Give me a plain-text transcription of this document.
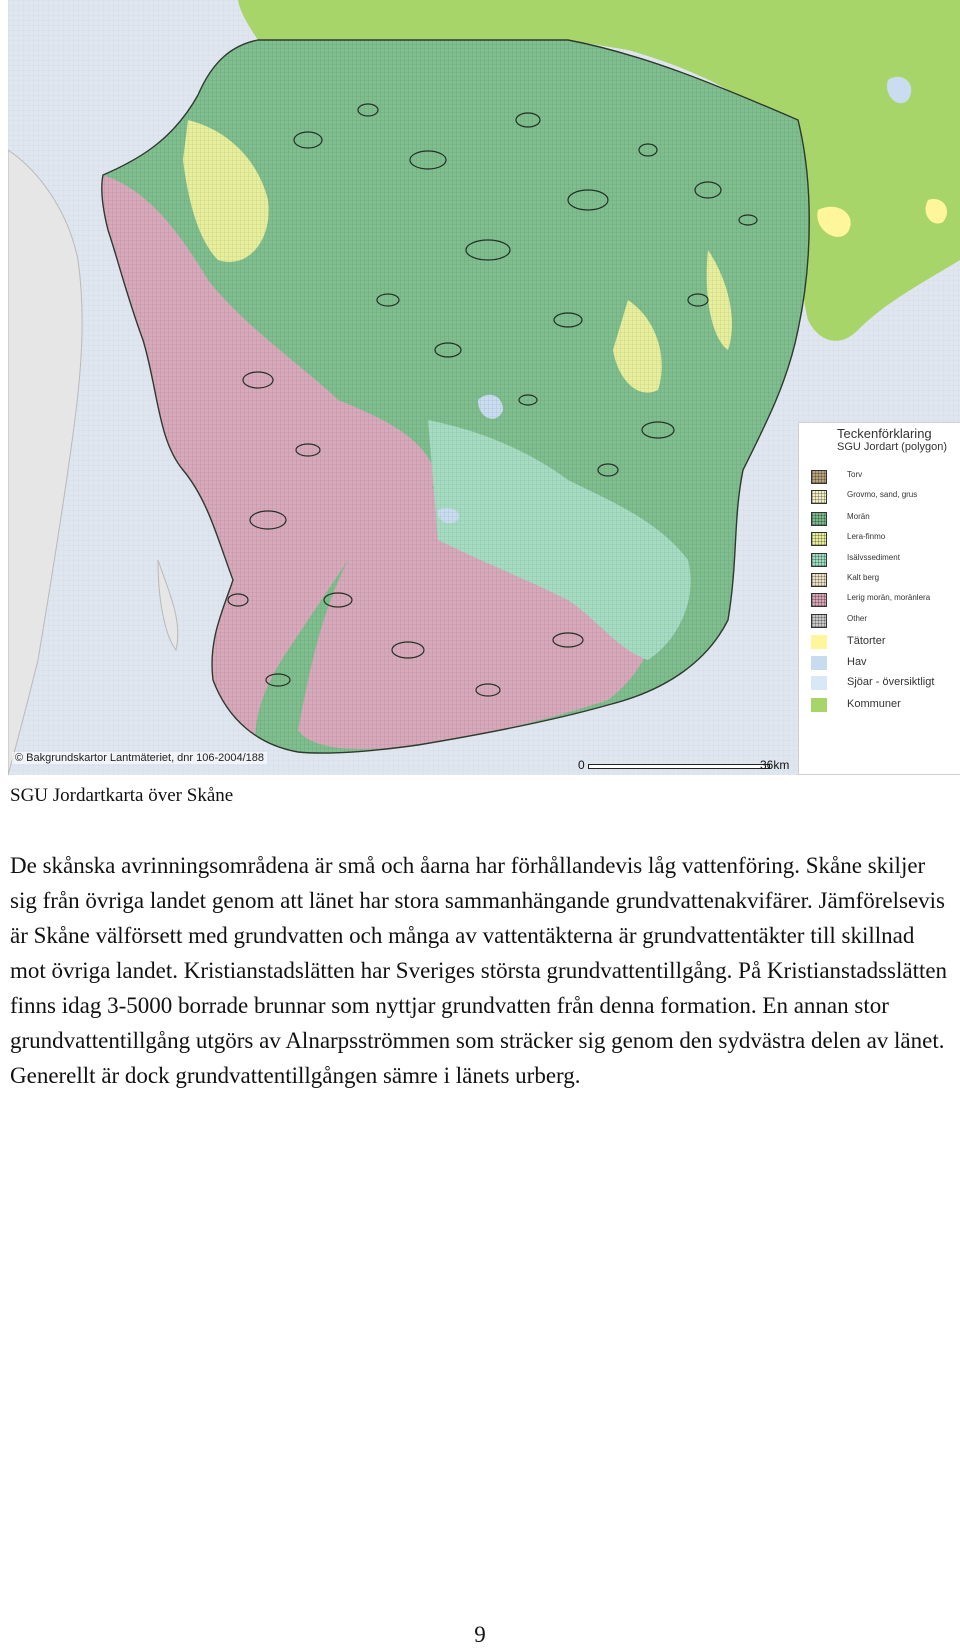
Teckenförklaring
SGU Jordart (polygon)
Torv
Grovmo, sand, grus
Morän
Lera-finmo
Isälvssediment
Kalt berg
Lerig morän, moränlera
Other
Tätorter
Hav
Sjöar - översiktligt
Kommuner
© Bakgrundskartor Lantmäteriet, dnr 106-2004/188	0	36km
SGU Jordartkarta över Skåne

De skånska avrinningsområdena är små och åarna har förhållandevis låg vattenföring. Skåne skiljer sig från övriga landet genom att länet har stora sammanhängande grundvattenakvifärer. Jämförelsevis är Skåne välförsett med grundvatten och många av vattentäkterna är grundvattentäkter till skillnad mot övriga landet. Kristianstadslätten har Sveriges största grundvattentillgång. På Kristianstadsslätten finns idag 3-5000 borrade brunnar som nyttjar grundvatten från denna formation. En annan stor grundvattentillgång utgörs av Alnarpsströmmen som sträcker sig genom den sydvästra delen av länet. Generellt är dock grundvattentillgången sämre i länets urberg.

9
